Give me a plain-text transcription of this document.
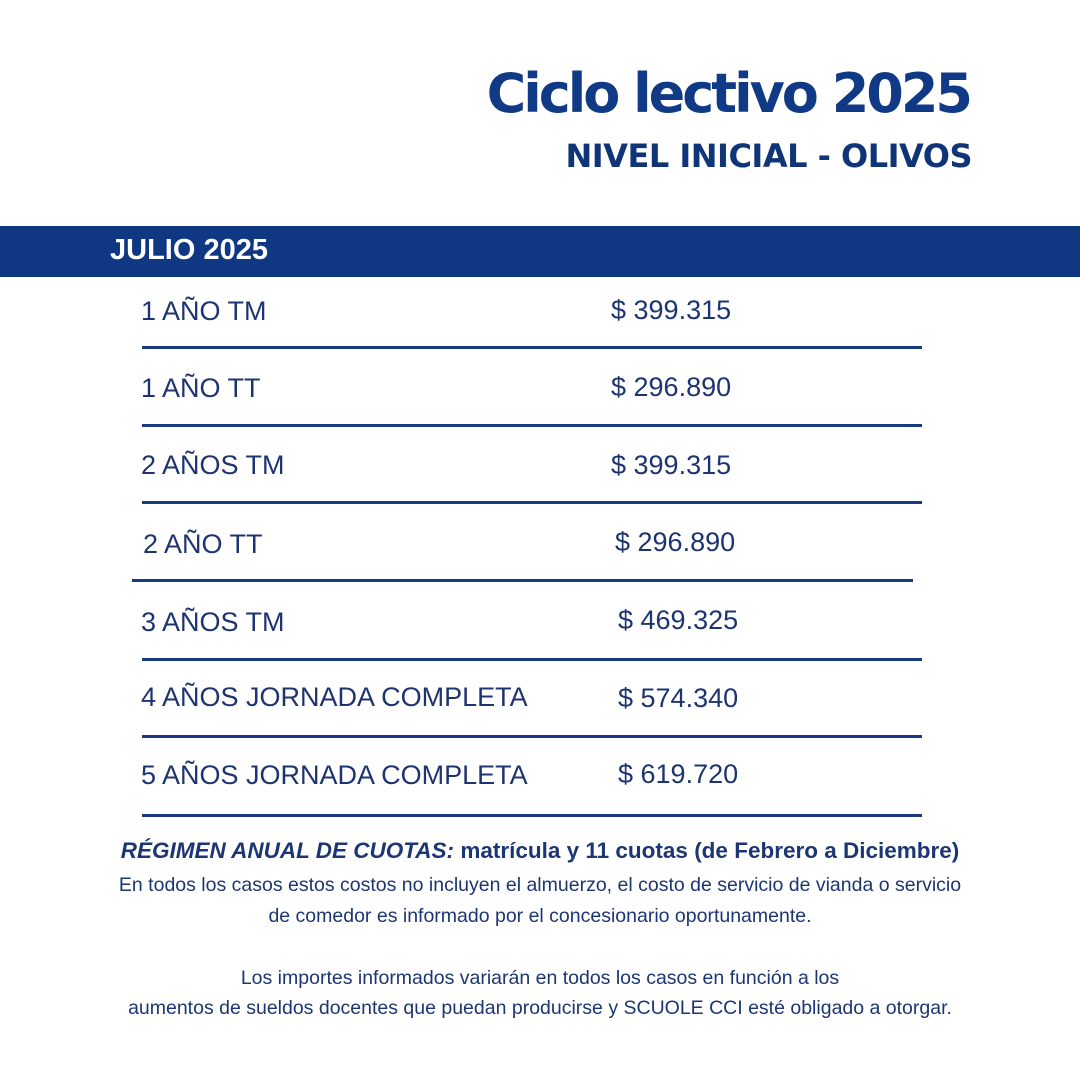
Ciclo lectivo 2025
NIVEL INICIAL - OLIVOS
JULIO 2025
1 AÑO TM	$ 399.315
1 AÑO TT	$ 296.890
2 AÑOS TM	$ 399.315
2 AÑO TT	$ 296.890
3 AÑOS TM	$ 469.325
4 AÑOS JORNADA COMPLETA	$ 574.340
5 AÑOS JORNADA COMPLETA	$ 619.720
RÉGIMEN ANUAL DE CUOTAS: matrícula y 11 cuotas (de Febrero a Diciembre)
En todos los casos estos costos no incluyen el almuerzo, el costo de servicio de vianda o servicio
de comedor es informado por el concesionario oportunamente.
Los importes informados variarán en todos los casos en función a los
aumentos de sueldos docentes que puedan producirse y SCUOLE CCI esté obligado a otorgar.
